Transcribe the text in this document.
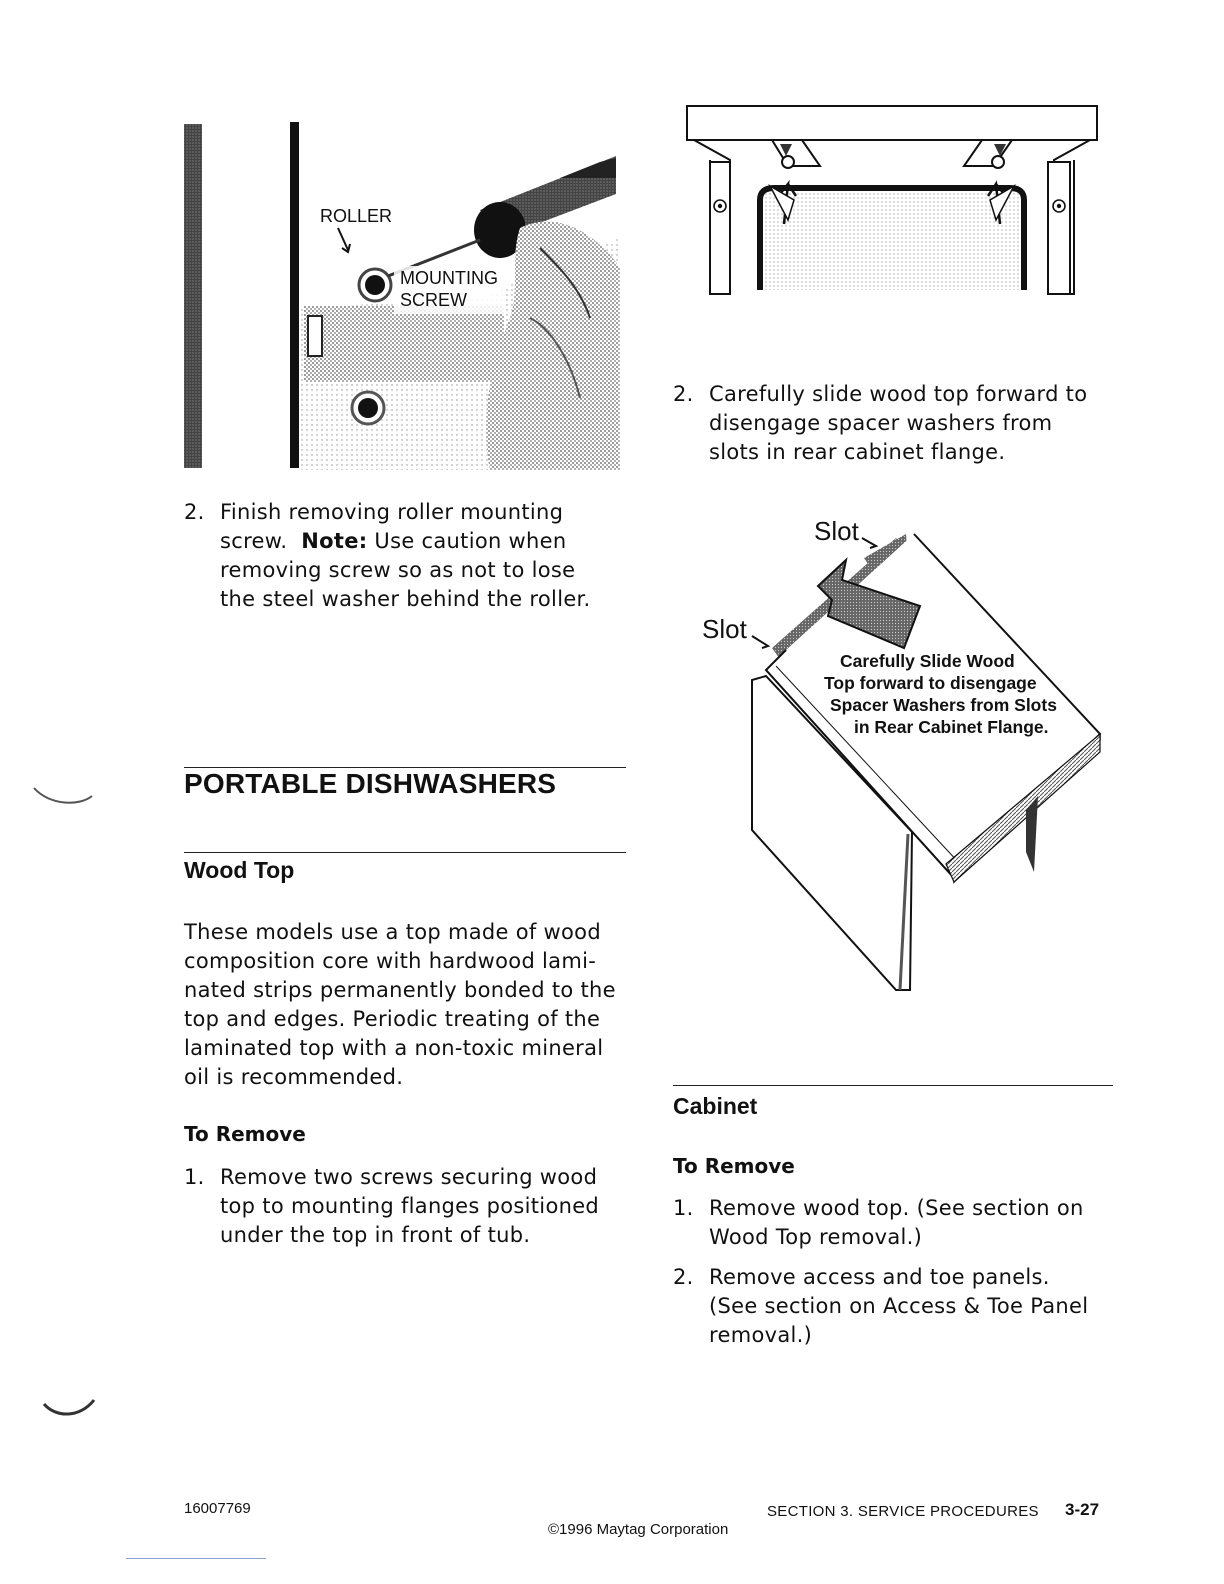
ROLLER
MOUNTING
SCREW
Slot
Slot
Carefully Slide Wood
Top forward to disengage
Spacer Washers from Slots
in Rear Cabinet Flange.
2. Finish removing roller mounting
screw. Note: Use caution when
removing screw so as not to lose
the steel washer behind the roller.
PORTABLE DISHWASHERS
Wood Top
These models use a top made of wood
composition core with hardwood lami-
nated strips permanently bonded to the
top and edges. Periodic treating of the
laminated top with a non-toxic mineral
oil is recommended.
To Remove
1. Remove two screws securing wood
top to mounting flanges positioned
under the top in front of tub.
2. Carefully slide wood top forward to
disengage spacer washers from
slots in rear cabinet flange.
Cabinet
To Remove
1. Remove wood top. (See section on
Wood Top removal.)
2. Remove access and toe panels.
(See section on Access & Toe Panel
removal.)
16007769
©1996 Maytag Corporation
SECTION 3. SERVICE PROCEDURES 3-27
